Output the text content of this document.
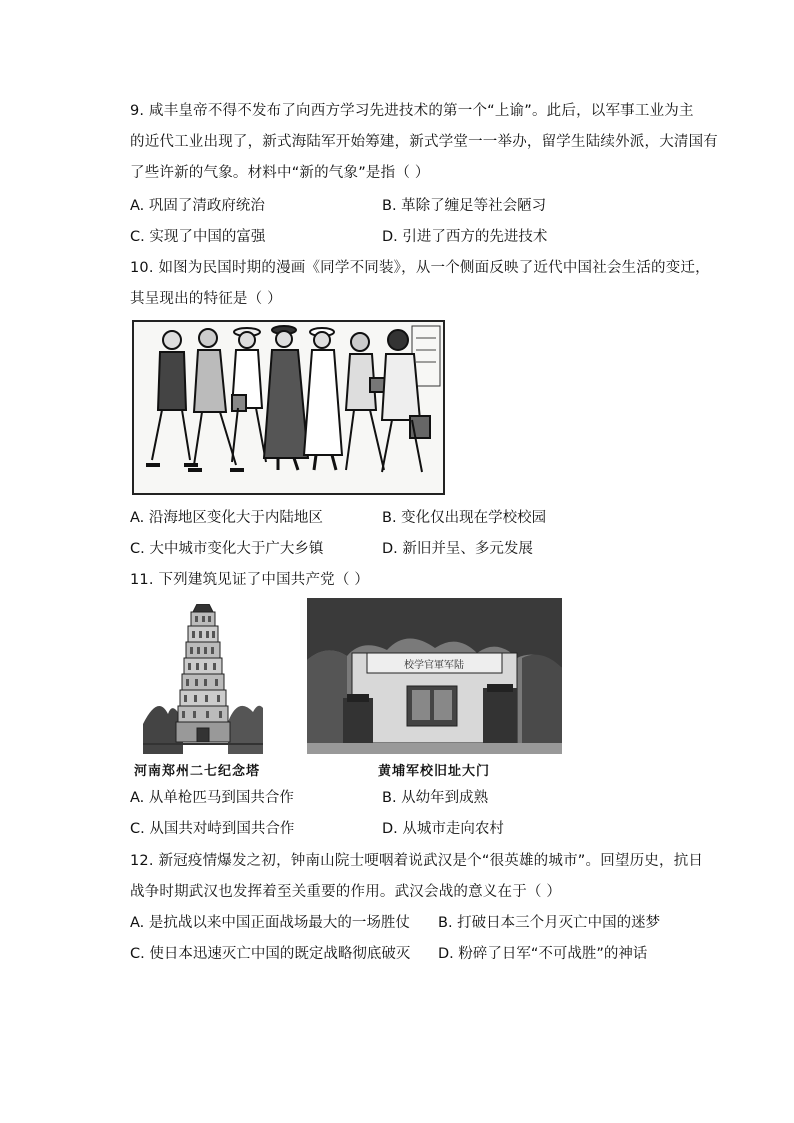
9. 咸丰皇帝不得不发布了向西方学习先进技术的第一个“上谕”。此后，以军事工业为主
的近代工业出现了，新式海陆军开始筹建，新式学堂一一举办，留学生陆续外派，大清国有
了些许新的气象。材料中“新的气象”是指（ ）
A. 巩固了清政府统治	B. 革除了缠足等社会陋习
C. 实现了中国的富强	D. 引进了西方的先进技术
10. 如图为民国时期的漫画《同学不同装》，从一个侧面反映了近代中国社会生活的变迁，
其呈现出的特征是（ ）
A. 沿海地区变化大于内陆地区	B. 变化仅出现在学校校园
C. 大中城市变化大于广大乡镇	D. 新旧并呈、多元发展
11. 下列建筑见证了中国共产党（ ）
河南郑州二七纪念塔
校学官軍军陆
黄埔军校旧址大门
A. 从单枪匹马到国共合作	B. 从幼年到成熟
C. 从国共对峙到国共合作	D. 从城市走向农村
12. 新冠疫情爆发之初，钟南山院士哽咽着说武汉是个“很英雄的城市”。回望历史，抗日
战争时期武汉也发挥着至关重要的作用。武汉会战的意义在于（ ）
A. 是抗战以来中国正面战场最大的一场胜仗 B. 打破日本三个月灭亡中国的迷梦
C. 使日本迅速灭亡中国的既定战略彻底破灭 D. 粉碎了日军“不可战胜”的神话
